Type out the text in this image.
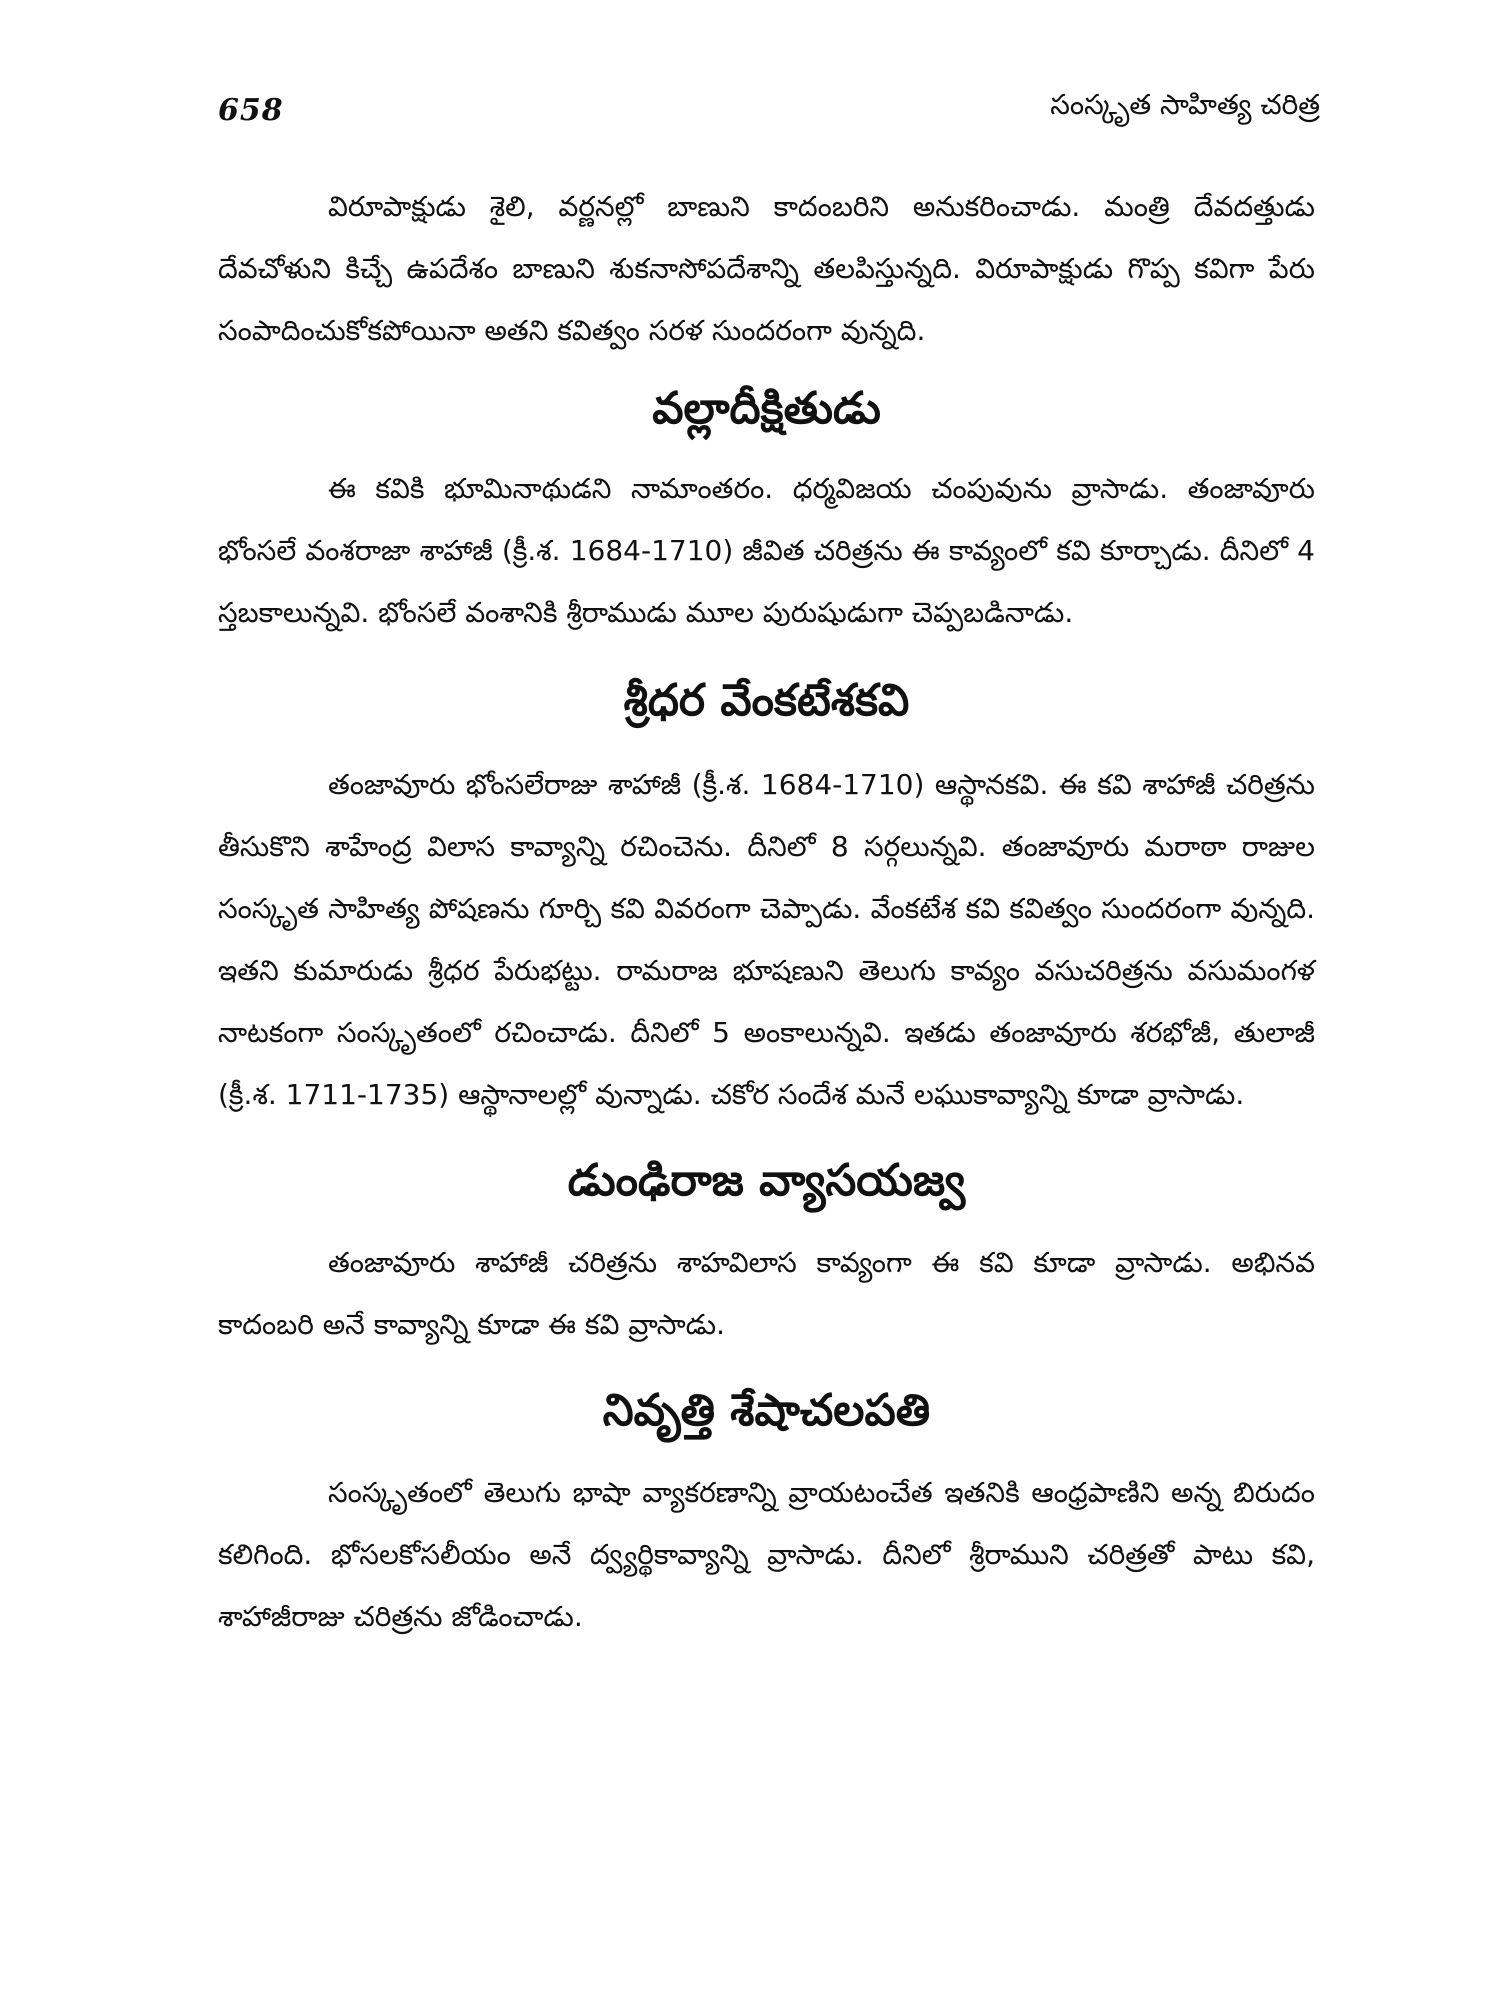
658	సంస్కృత సాహిత్య చరిత్ర

విరూపాక్షుడు శైలి, వర్ణనల్లో బాణుని కాదంబరిని అనుకరించాడు. మంత్రి దేవదత్తుడు దేవచోళుని కిచ్చే ఉపదేశం బాణుని శుకనాసోపదేశాన్ని తలపిస్తున్నది. విరూపాక్షుడు గొప్ప కవిగా పేరు సంపాదించుకోకపోయినా అతని కవిత్వం సరళ సుందరంగా వున్నది.

వల్లాదీక్షితుడు

ఈ కవికి భూమినాథుడని నామాంతరం. ధర్మవిజయ చంపువును వ్రాసాడు. తంజావూరు భోంసలే వంశరాజా శాహాజీ (క్రీ.శ. 1684-1710) జీవిత చరిత్రను ఈ కావ్యంలో కవి కూర్చాడు. దీనిలో 4 స్తబకాలున్నవి. భోంసలే వంశానికి శ్రీరాముడు మూల పురుషుడుగా చెప్పబడినాడు.

శ్రీధర వేంకటేశకవి

తంజావూరు భోంసలేరాజు శాహాజీ (క్రీ.శ. 1684-1710) ఆస్థానకవి. ఈ కవి శాహాజీ చరిత్రను తీసుకొని శాహేంద్ర విలాస కావ్యాన్ని రచించెను. దీనిలో 8 సర్గలున్నవి. తంజావూరు మరాఠా రాజుల సంస్కృత సాహిత్య పోషణను గూర్చి కవి వివరంగా చెప్పాడు. వేంకటేశ కవి కవిత్వం సుందరంగా వున్నది. ఇతని కుమారుడు శ్రీధర పేరుభట్టు. రామరాజ భూషణుని తెలుగు కావ్యం వసుచరిత్రను వసుమంగళ నాటకంగా సంస్కృతంలో రచించాడు. దీనిలో 5 అంకాలున్నవి. ఇతడు తంజావూరు శరభోజీ, తులాజీ (క్రీ.శ. 1711-1735) ఆస్థానాలల్లో వున్నాడు. చకోర సందేశ మనే లఘుకావ్యాన్ని కూడా వ్రాసాడు.

డుంఢిరాజ వ్యాసయజ్వ

తంజావూరు శాహాజీ చరిత్రను శాహవిలాస కావ్యంగా ఈ కవి కూడా వ్రాసాడు. అభినవ కాదంబరి అనే కావ్యాన్ని కూడా ఈ కవి వ్రాసాడు.

నివృత్తి శేషాచలపతి

సంస్కృతంలో తెలుగు భాషా వ్యాకరణాన్ని వ్రాయటంచేత ఇతనికి ఆంధ్రపాణిని అన్న బిరుదం కలిగింది. భోసలకోసలీయం అనే ద్వ్యర్థికావ్యాన్ని వ్రాసాడు. దీనిలో శ్రీరాముని చరిత్రతో పాటు కవి, శాహాజీరాజు చరిత్రను జోడించాడు.
